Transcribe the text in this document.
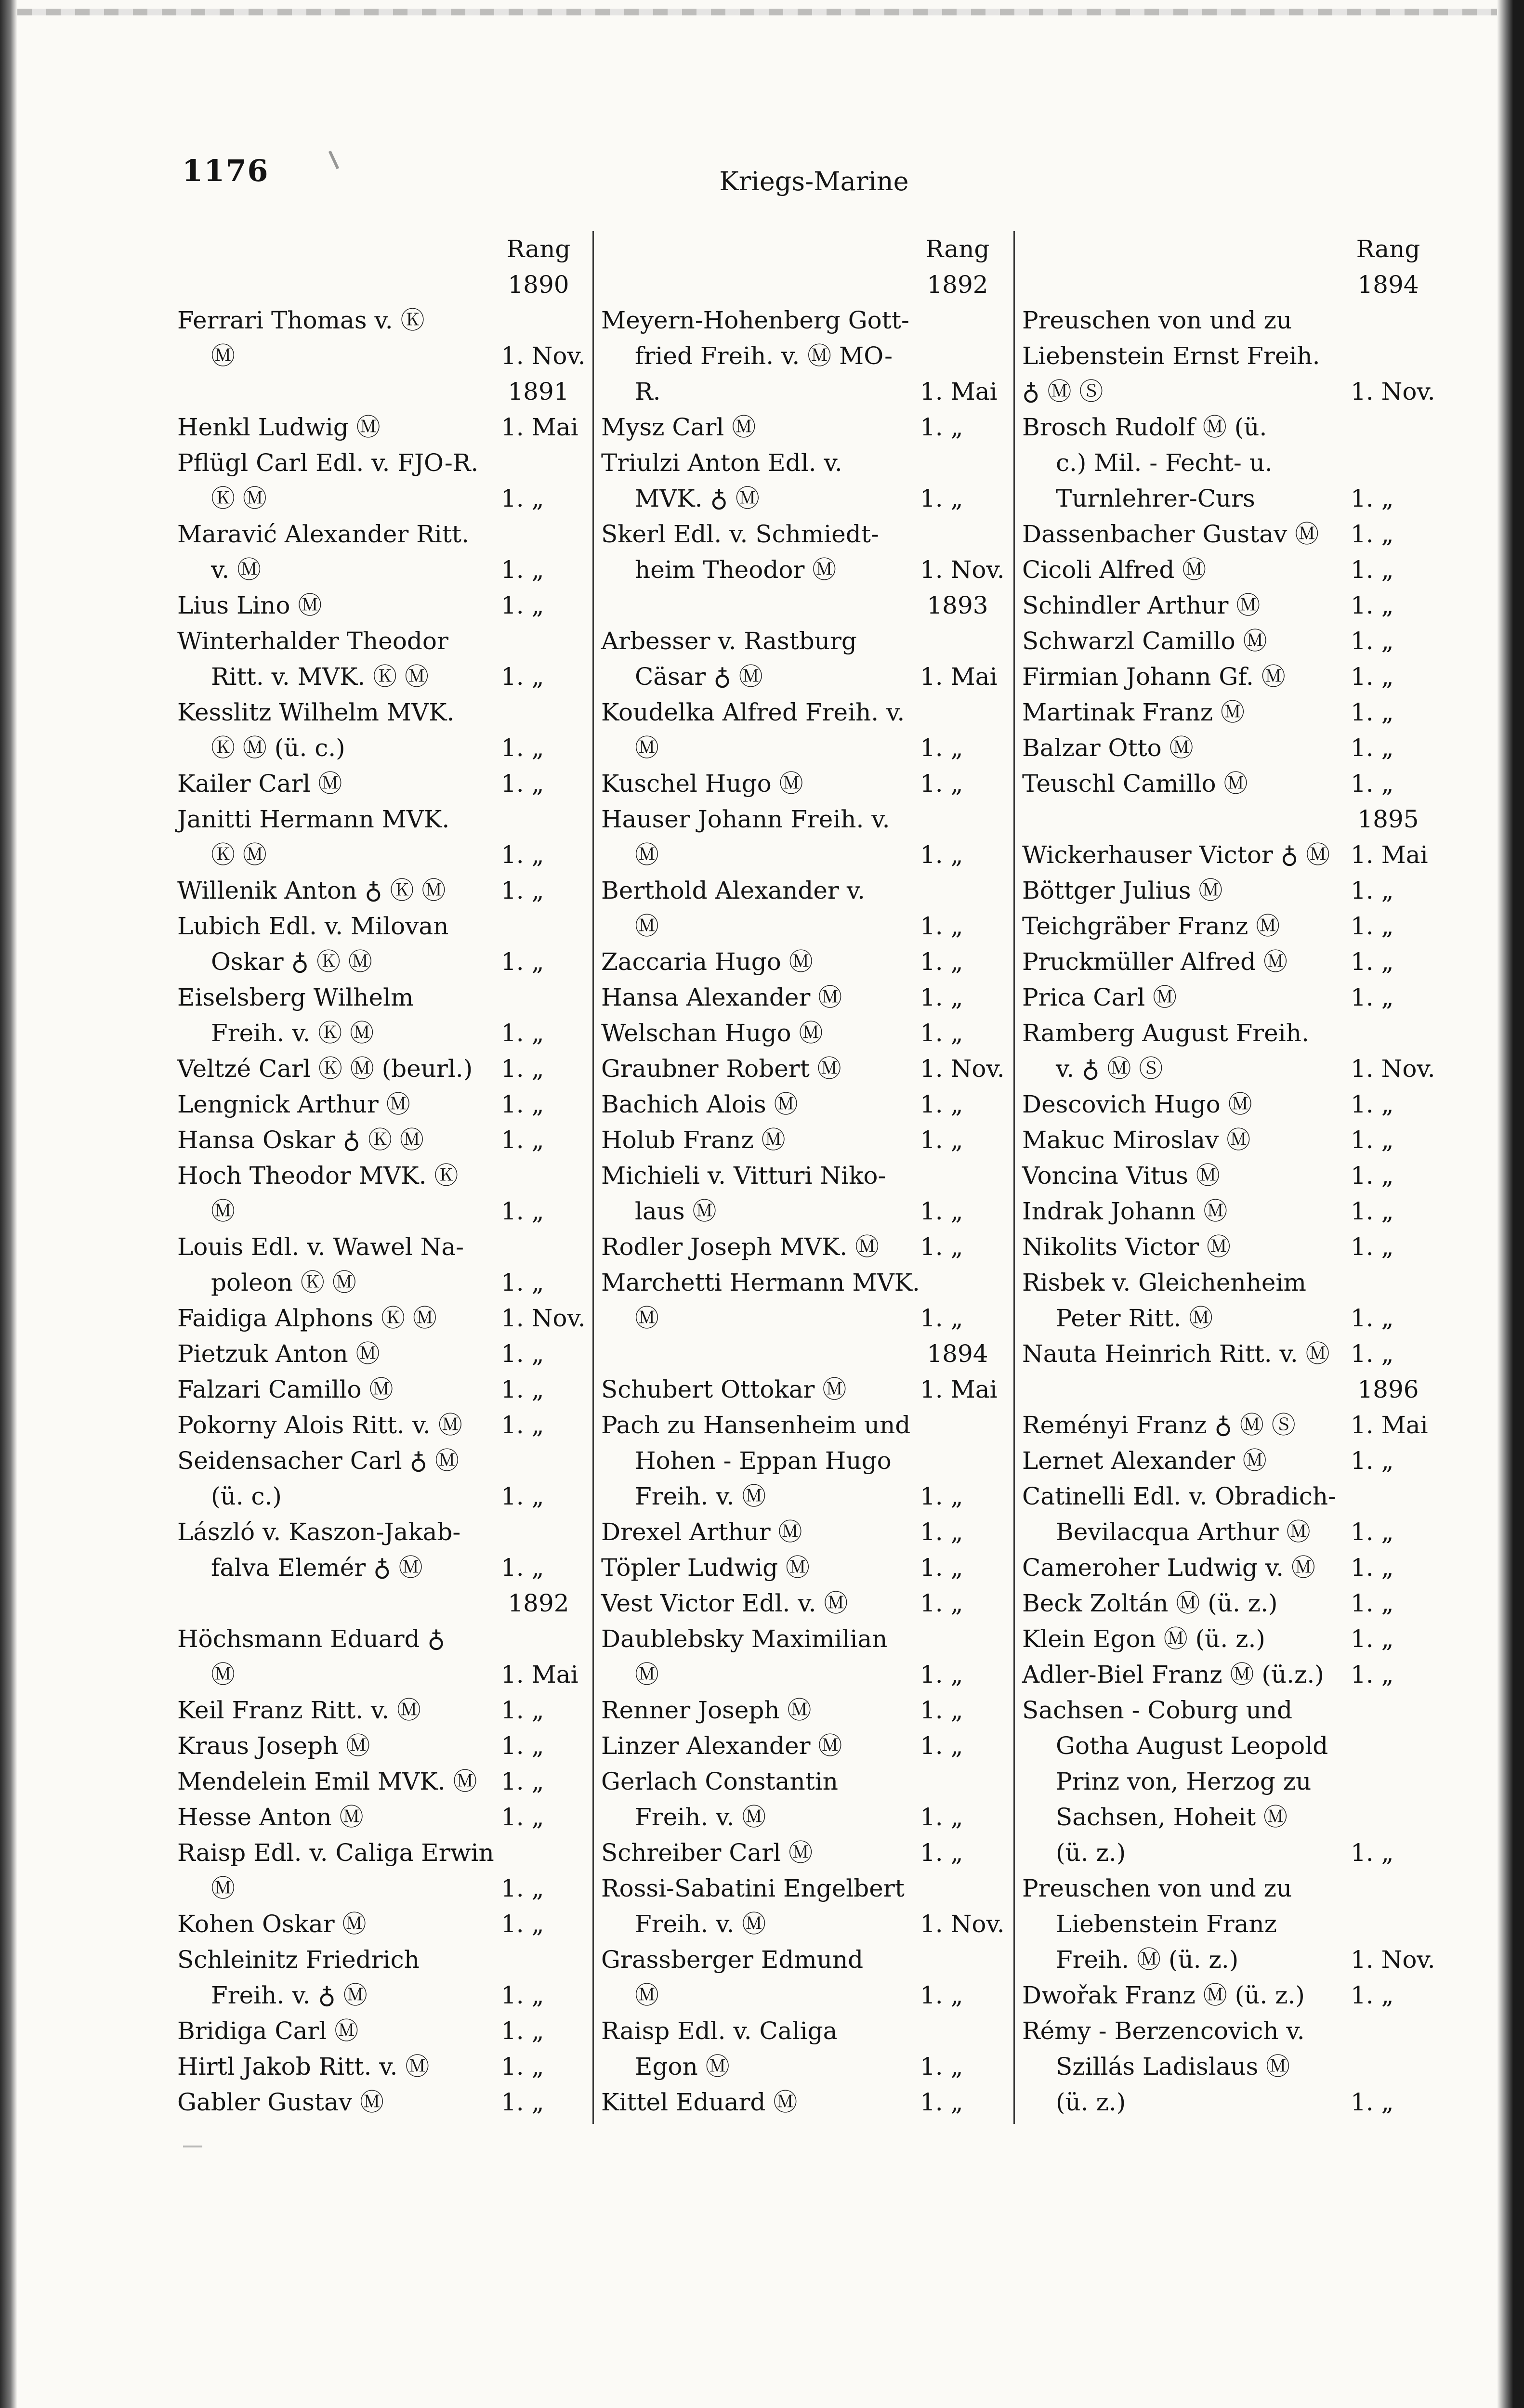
1176	Kriegs-Marine
Rang
1890
Ferrari Thomas v. Ⓚ
Ⓜ	1. Nov.
1891
Henkl Ludwig Ⓜ	1. Mai
Pflügl Carl Edl. v. FJO-R.
Ⓚ Ⓜ	1. „
Maravić Alexander Ritt.
v. Ⓜ	1. „
Lius Lino Ⓜ	1. „
Winterhalder Theodor
Ritt. v. MVK. Ⓚ Ⓜ	1. „
Kesslitz Wilhelm MVK.
Ⓚ Ⓜ (ü. c.)	1. „
Kailer Carl Ⓜ	1. „
Janitti Hermann MVK.
Ⓚ Ⓜ	1. „
Willenik Anton ♁ Ⓚ Ⓜ 1. „
Lubich Edl. v. Milovan
Oskar ♁ Ⓚ Ⓜ	1. „
Eiselsberg Wilhelm
Freih. v. Ⓚ Ⓜ	1. „
Veltzé Carl Ⓚ Ⓜ (beurl.) 1. „
Lengnick Arthur Ⓜ	1. „
Hansa Oskar ♁ Ⓚ Ⓜ	1. „
Hoch Theodor MVK. Ⓚ
Ⓜ	1. „
Louis Edl. v. Wawel Na-
poleon Ⓚ Ⓜ	1. „
Faidiga Alphons Ⓚ Ⓜ	1. Nov.
Pietzuk Anton Ⓜ	1. „
Falzari Camillo Ⓜ	1. „
Pokorny Alois Ritt. v. Ⓜ 1. „
Seidensacher Carl ♁ Ⓜ
(ü. c.)	1. „
László v. Kaszon-Jakab-
falva Elemér ♁ Ⓜ	1. „
1892
Höchsmann Eduard ♁
Ⓜ	1. Mai
Keil Franz Ritt. v. Ⓜ	1. „
Kraus Joseph Ⓜ	1. „
Mendelein Emil MVK. Ⓜ 1. „
Hesse Anton Ⓜ	1. „
Raisp Edl. v. Caliga Erwin
Ⓜ	1. „
Kohen Oskar Ⓜ	1. „
Schleinitz Friedrich
Freih. v. ♁ Ⓜ	1. „
Bridiga Carl Ⓜ	1. „
Hirtl Jakob Ritt. v. Ⓜ	1. „
Gabler Gustav Ⓜ	1. „
Rang
1892
Meyern-Hohenberg Gott-
fried Freih. v. Ⓜ MO-
R.	1. Mai
Mysz Carl Ⓜ	1. „
Triulzi Anton Edl. v.
MVK. ♁ Ⓜ	1. „
Skerl Edl. v. Schmiedt-
heim Theodor Ⓜ	1. Nov.
1893
Arbesser v. Rastburg
Cäsar ♁ Ⓜ	1. Mai
Koudelka Alfred Freih. v.
Ⓜ	1. „
Kuschel Hugo Ⓜ	1. „
Hauser Johann Freih. v.
Ⓜ	1. „
Berthold Alexander v.
Ⓜ	1. „
Zaccaria Hugo Ⓜ	1. „
Hansa Alexander Ⓜ	1. „
Welschan Hugo Ⓜ	1. „
Graubner Robert Ⓜ	1. Nov.
Bachich Alois Ⓜ	1. „
Holub Franz Ⓜ	1. „
Michieli v. Vitturi Niko-
laus Ⓜ	1. „
Rodler Joseph MVK. Ⓜ 1. „
Marchetti Hermann MVK.
Ⓜ	1. „
1894
Schubert Ottokar Ⓜ	1. Mai
Pach zu Hansenheim und
Hohen - Eppan Hugo
Freih. v. Ⓜ	1. „
Drexel Arthur Ⓜ	1. „
Töpler Ludwig Ⓜ	1. „
Vest Victor Edl. v. Ⓜ	1. „
Daublebsky Maximilian
Ⓜ	1. „
Renner Joseph Ⓜ	1. „
Linzer Alexander Ⓜ	1. „
Gerlach Constantin
Freih. v. Ⓜ	1. „
Schreiber Carl Ⓜ	1. „
Rossi-Sabatini Engelbert
Freih. v. Ⓜ	1. Nov.
Grassberger Edmund
Ⓜ	1. „
Raisp Edl. v. Caliga
Egon Ⓜ	1. „
Kittel Eduard Ⓜ	1. „
Rang
1894
Preuschen von und zu
Liebenstein Ernst Freih.
♁ Ⓜ Ⓢ	1. Nov.
Brosch Rudolf Ⓜ (ü.
c.) Mil. - Fecht- u.
Turnlehrer-Curs	1. „
Dassenbacher Gustav Ⓜ 1. „
Cicoli Alfred Ⓜ	1. „
Schindler Arthur Ⓜ	1. „
Schwarzl Camillo Ⓜ	1. „
Firmian Johann Gf. Ⓜ	1. „
Martinak Franz Ⓜ	1. „
Balzar Otto Ⓜ	1. „
Teuschl Camillo Ⓜ	1. „
1895
Wickerhauser Victor ♁ Ⓜ 1. Mai
Böttger Julius Ⓜ	1. „
Teichgräber Franz Ⓜ	1. „
Pruckmüller Alfred Ⓜ	1. „
Prica Carl Ⓜ	1. „
Ramberg August Freih.
v. ♁ Ⓜ Ⓢ	1. Nov.
Descovich Hugo Ⓜ	1. „
Makuc Miroslav Ⓜ	1. „
Voncina Vitus Ⓜ	1. „
Indrak Johann Ⓜ	1. „
Nikolits Victor Ⓜ	1. „
Risbek v. Gleichenheim
Peter Ritt. Ⓜ	1. „
Nauta Heinrich Ritt. v. Ⓜ 1. „
1896
Reményi Franz ♁ Ⓜ Ⓢ 1. Mai
Lernet Alexander Ⓜ	1. „
Catinelli Edl. v. Obradich-
Bevilacqua Arthur Ⓜ 1. „
Cameroher Ludwig v. Ⓜ 1. „
Beck Zoltán Ⓜ (ü. z.)	1. „
Klein Egon Ⓜ (ü. z.)	1. „
Adler-Biel Franz Ⓜ (ü.z.) 1. „
Sachsen - Coburg und
Gotha August Leopold
Prinz von, Herzog zu
Sachsen, Hoheit Ⓜ
(ü. z.)	1. „
Preuschen von und zu
Liebenstein Franz
Freih. Ⓜ (ü. z.)	1. Nov.
Dwořak Franz Ⓜ (ü. z.) 1. „
Rémy - Berzencovich v.
Szillás Ladislaus Ⓜ
(ü. z.)	1. „
